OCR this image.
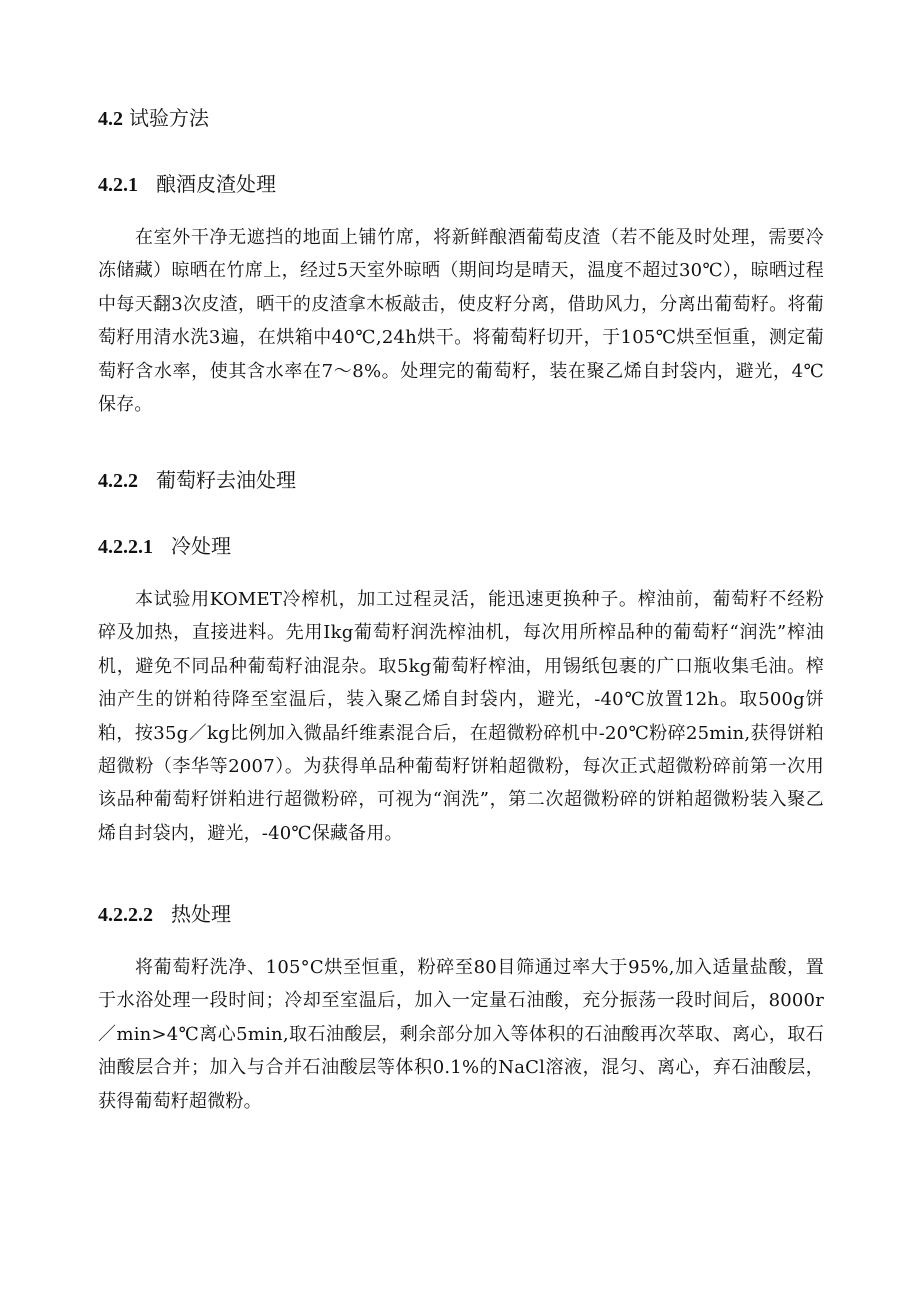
4.2 试验方法
4.2.1 酿酒皮渣处理

在室外干净无遮挡的地面上铺竹席，将新鲜酿酒葡萄皮渣（若不能及时处理，需要冷冻储藏）晾晒在竹席上，经过5天室外晾晒（期间均是晴天，温度不超过30℃），晾晒过程中每天翻3次皮渣，晒干的皮渣拿木板敲击，使皮籽分离，借助风力，分离出葡萄籽。将葡萄籽用清水洗3遍，在烘箱中40℃,24h烘干。将葡萄籽切开，于105℃烘至恒重，测定葡萄籽含水率，使其含水率在7～8%。处理完的葡萄籽，装在聚乙烯自封袋内，避光，4℃保存。

4.2.2 葡萄籽去油处理
4.2.2.1 冷处理

本试验用KOMET冷榨机，加工过程灵活，能迅速更换种子。榨油前，葡萄籽不经粉碎及加热，直接进料。先用Ikg葡萄籽润洗榨油机，每次用所榨品种的葡萄籽“润洗”榨油机，避免不同品种葡萄籽油混杂。取5kg葡萄籽榨油，用锡纸包裹的广口瓶收集毛油。榨油产生的饼粕待降至室温后，装入聚乙烯自封袋内，避光，-40℃放置12h。取500g饼粕，按35g／kg比例加入微晶纤维素混合后，在超微粉碎机中-20℃粉碎25min,获得饼粕超微粉（李华等2007）。为获得单品种葡萄籽饼粕超微粉，每次正式超微粉碎前第一次用该品种葡萄籽饼粕进行超微粉碎，可视为“润洗”，第二次超微粉碎的饼粕超微粉装入聚乙烯自封袋内，避光，-40℃保藏备用。

4.2.2.2 热处理

将葡萄籽洗净、105°C烘至恒重，粉碎至80目筛通过率大于95%,加入适量盐酸，置于水浴处理一段时间；冷却至室温后，加入一定量石油酸，充分振荡一段时间后，8000r／min>4℃离心5min,取石油酸层，剩余部分加入等体积的石油酸再次萃取、离心，取石油酸层合并；加入与合并石油酸层等体积0.1%的NaCl溶液，混匀、离心，弃石油酸层，获得葡萄籽超微粉。
